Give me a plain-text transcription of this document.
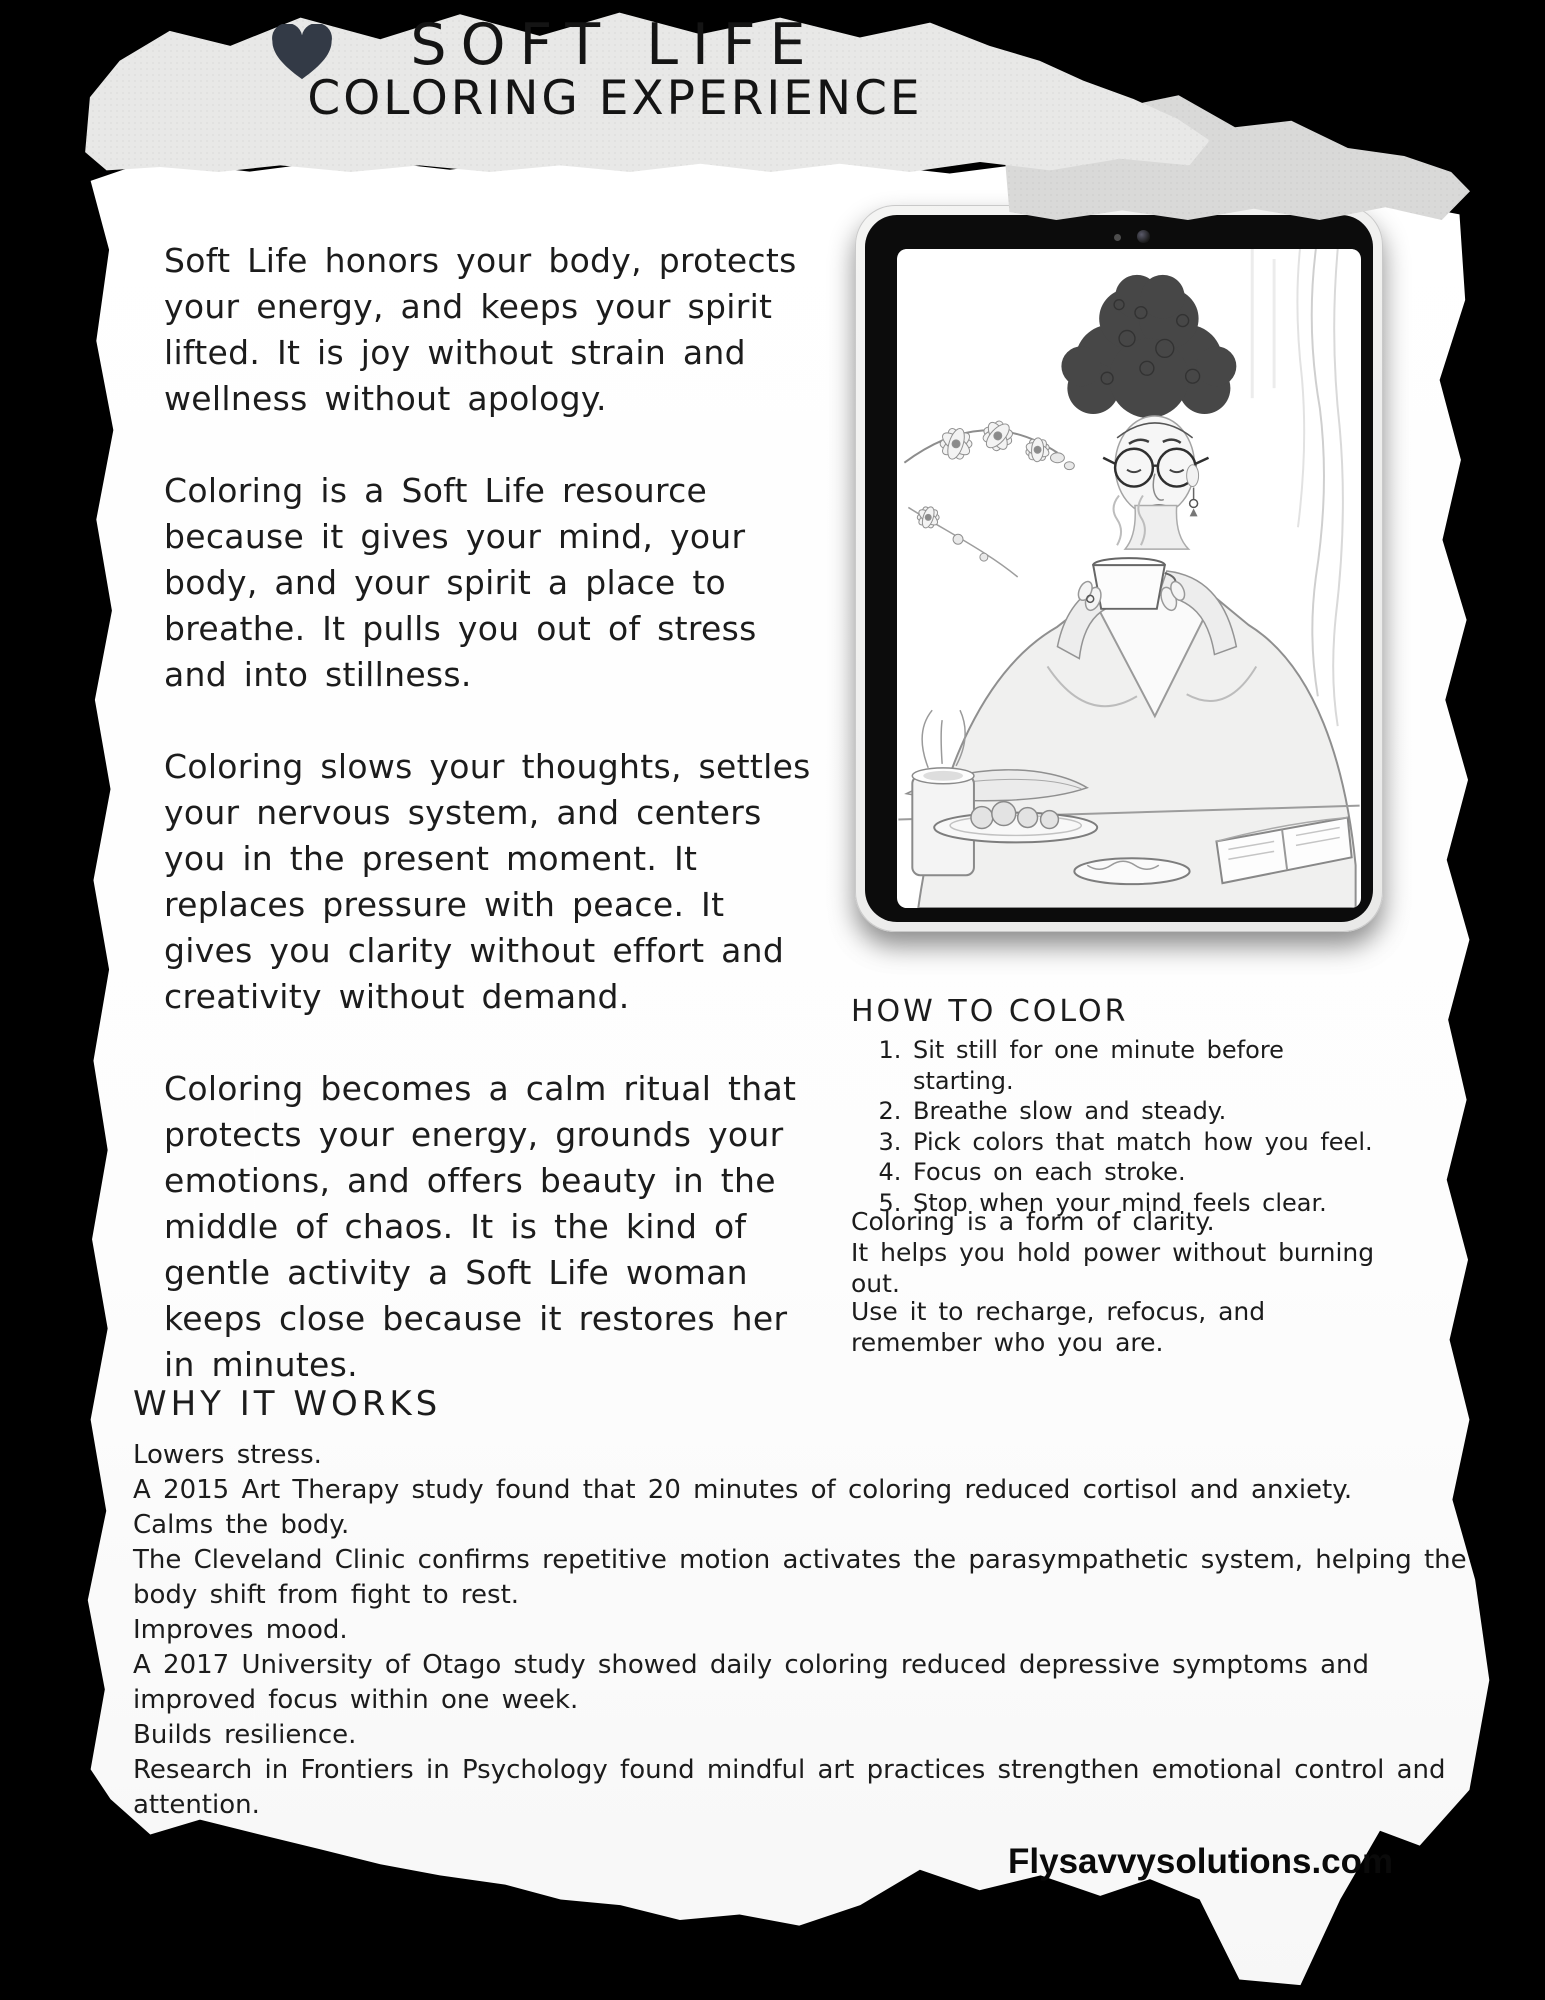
SOFT LIFE
COLORING EXPERIENCE

Soft Life honors your body, protects your energy, and keeps your spirit lifted. It is joy without strain and wellness without apology.

Coloring is a Soft Life resource because it gives your mind, your body, and your spirit a place to breathe. It pulls you out of stress and into stillness.

Coloring slows your thoughts, settles your nervous system, and centers you in the present moment. It replaces pressure with peace. It gives you clarity without effort and creativity without demand.

Coloring becomes a calm ritual that protects your energy, grounds your emotions, and offers beauty in the middle of chaos. It is the kind of gentle activity a Soft Life woman keeps close because it restores her in minutes.

HOW TO COLOR
1. Sit still for one minute before starting.
2. Breathe slow and steady.
3. Pick colors that match how you feel.
4. Focus on each stroke.
5. Stop when your mind feels clear.
Coloring is a form of clarity.
It helps you hold power without burning out.
Use it to recharge, refocus, and remember who you are.
WHY IT WORKS
Lowers stress.
A 2015 Art Therapy study found that 20 minutes of coloring reduced cortisol and anxiety.
Calms the body.
The Cleveland Clinic confirms repetitive motion activates the parasympathetic system, helping the body shift from fight to rest.
Improves mood.
A 2017 University of Otago study showed daily coloring reduced depressive symptoms and improved focus within one week.
Builds resilience.
Research in Frontiers in Psychology found mindful art practices strengthen emotional control and attention.
Flysavvysolutions.com
